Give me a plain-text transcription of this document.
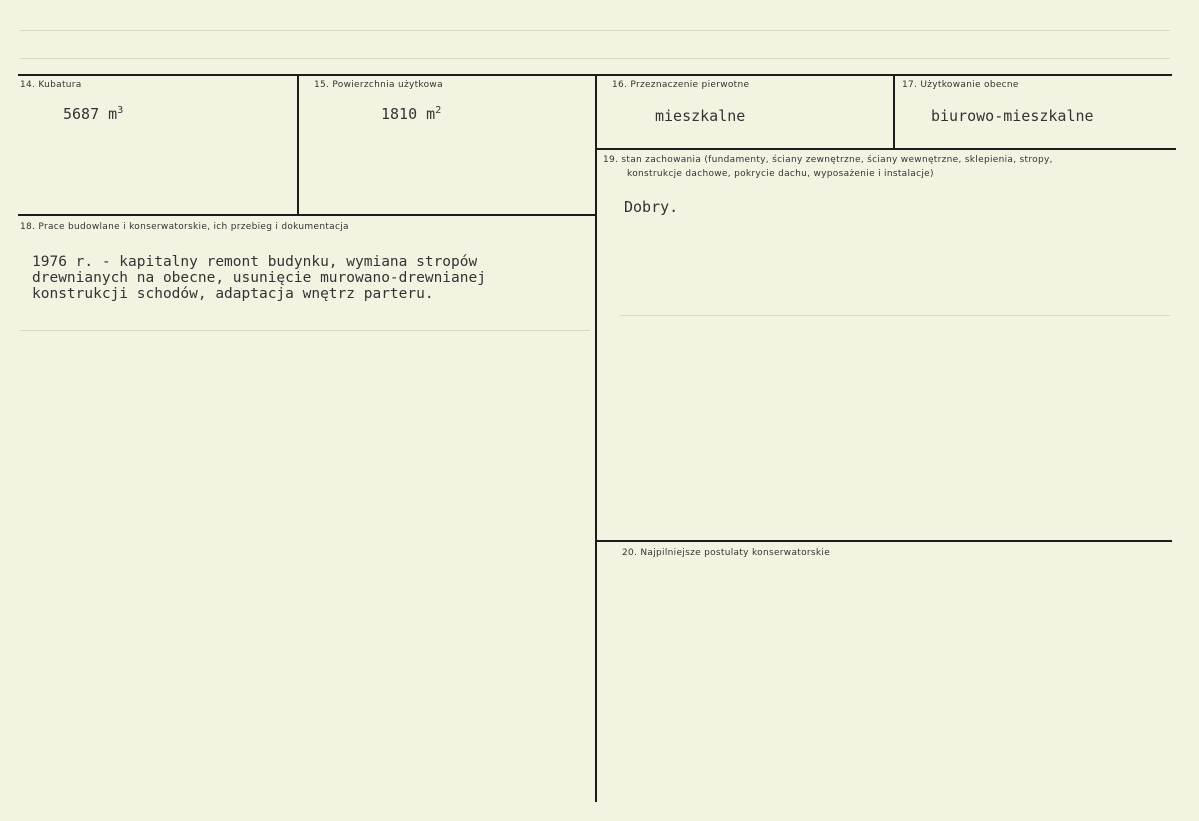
14. Kubatura
5687 $m^3$
15. Powierzchnia użytkowa
1810 $m^2$
16. Przeznaczenie pierwotne
mieszkalne
17. Użytkowanie obecne
biurowo-mieszkalne
19. stan zachowania (fundamenty, ściany zewnętrzne, ściany wewnętrzne, sklepienia, stropy,
konstrukcje dachowe, pokrycie dachu, wyposażenie i instalacje)
Dobry.
18. Prace budowlane i konserwatorskie, ich przebieg i dokumentacja
1976 r. - kapitalny remont budynku, wymiana stropów
drewnianych na obecne, usunięcie murowano-drewnianej
konstrukcji schodów, adaptacja wnętrz parteru.
20. Najpilniejsze postulaty konserwatorskie
